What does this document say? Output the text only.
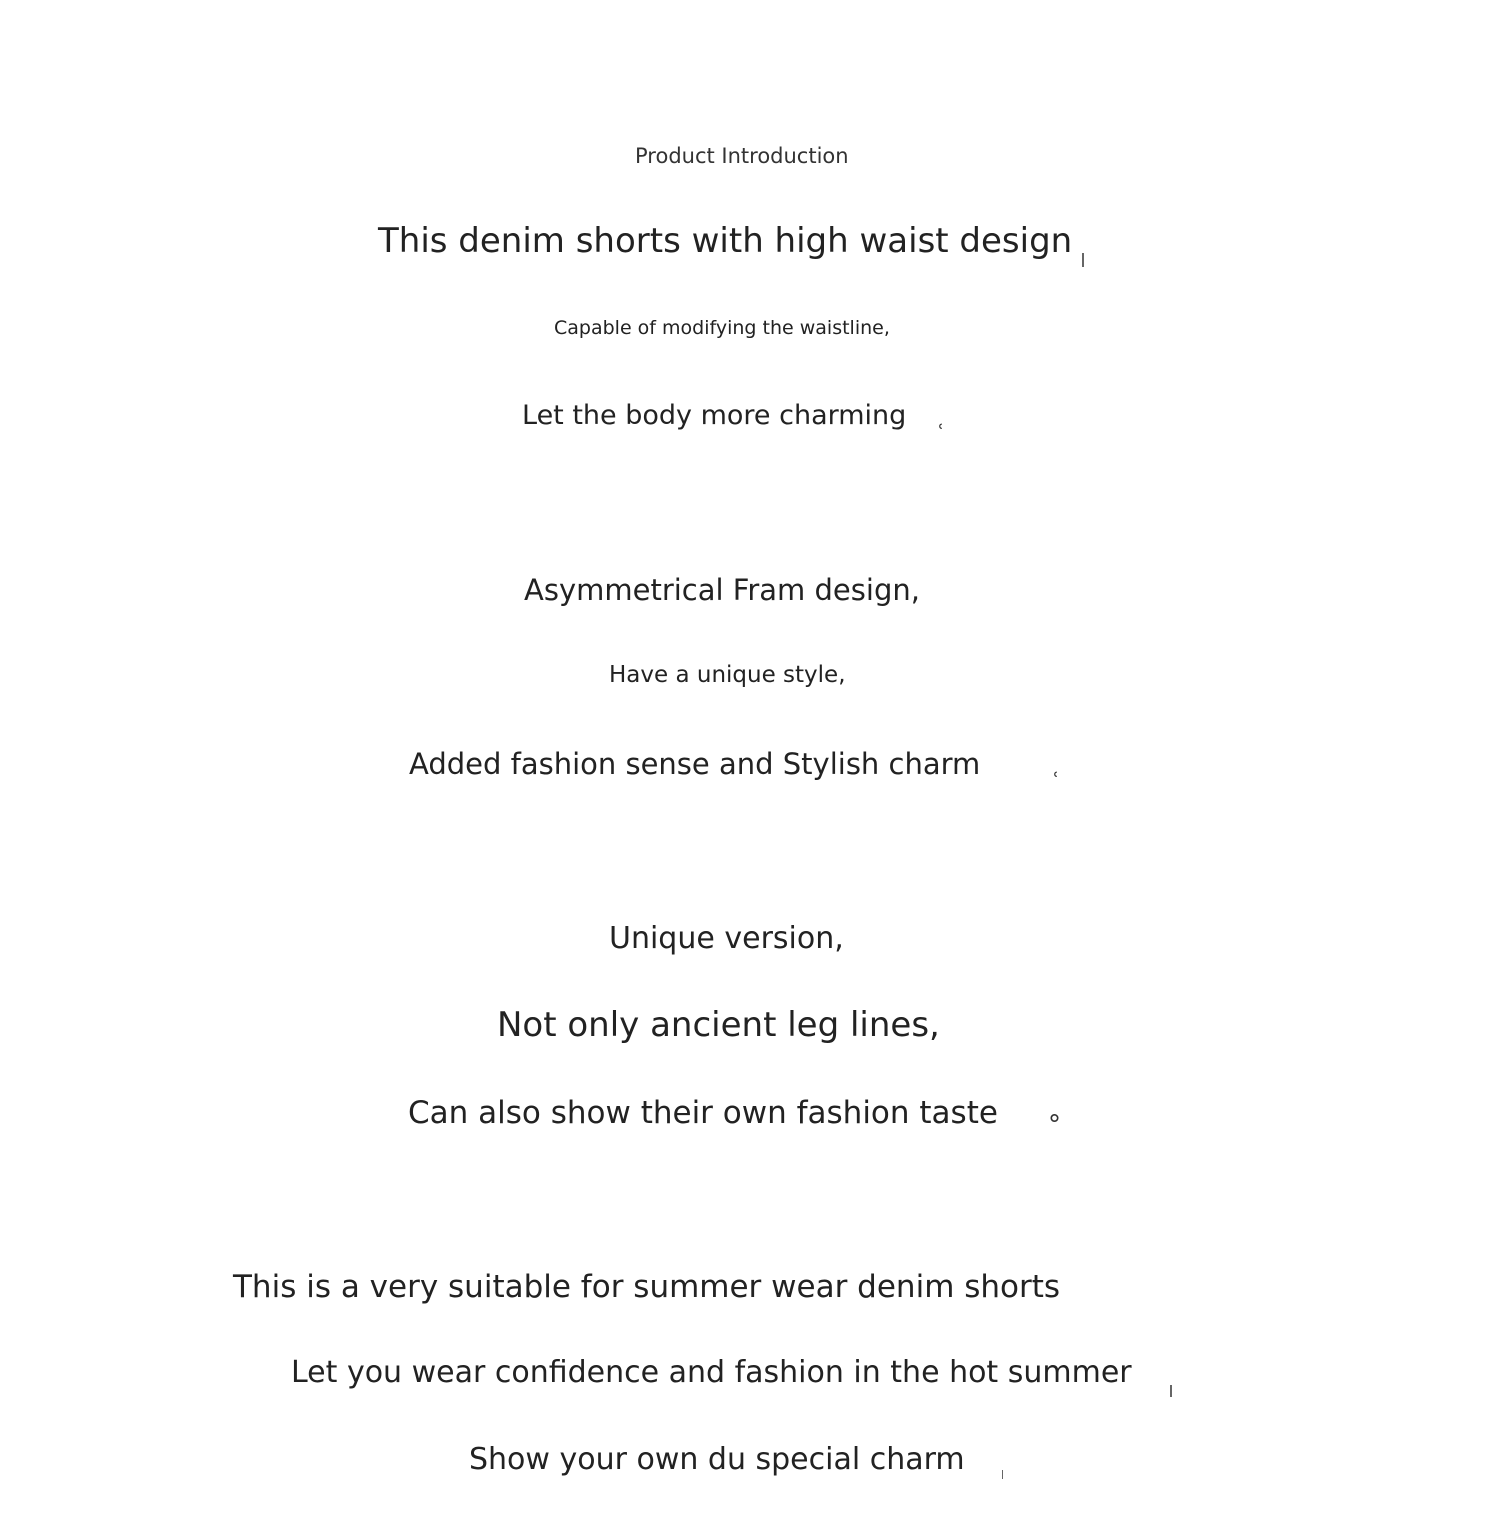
Product Introduction
This denim shorts with high waist design
Capable of modifying the waistline,
Let the body more charming
ʿ
Asymmetrical Fram design,
Have a unique style,
Added fashion sense and Stylish charm	ʿ
Unique version,
Not only ancient leg lines,
Can also show their own fashion taste °
This is a very suitable for summer wear denim shorts
Let you wear confidence and fashion in the hot summer
Show your own du special charm
